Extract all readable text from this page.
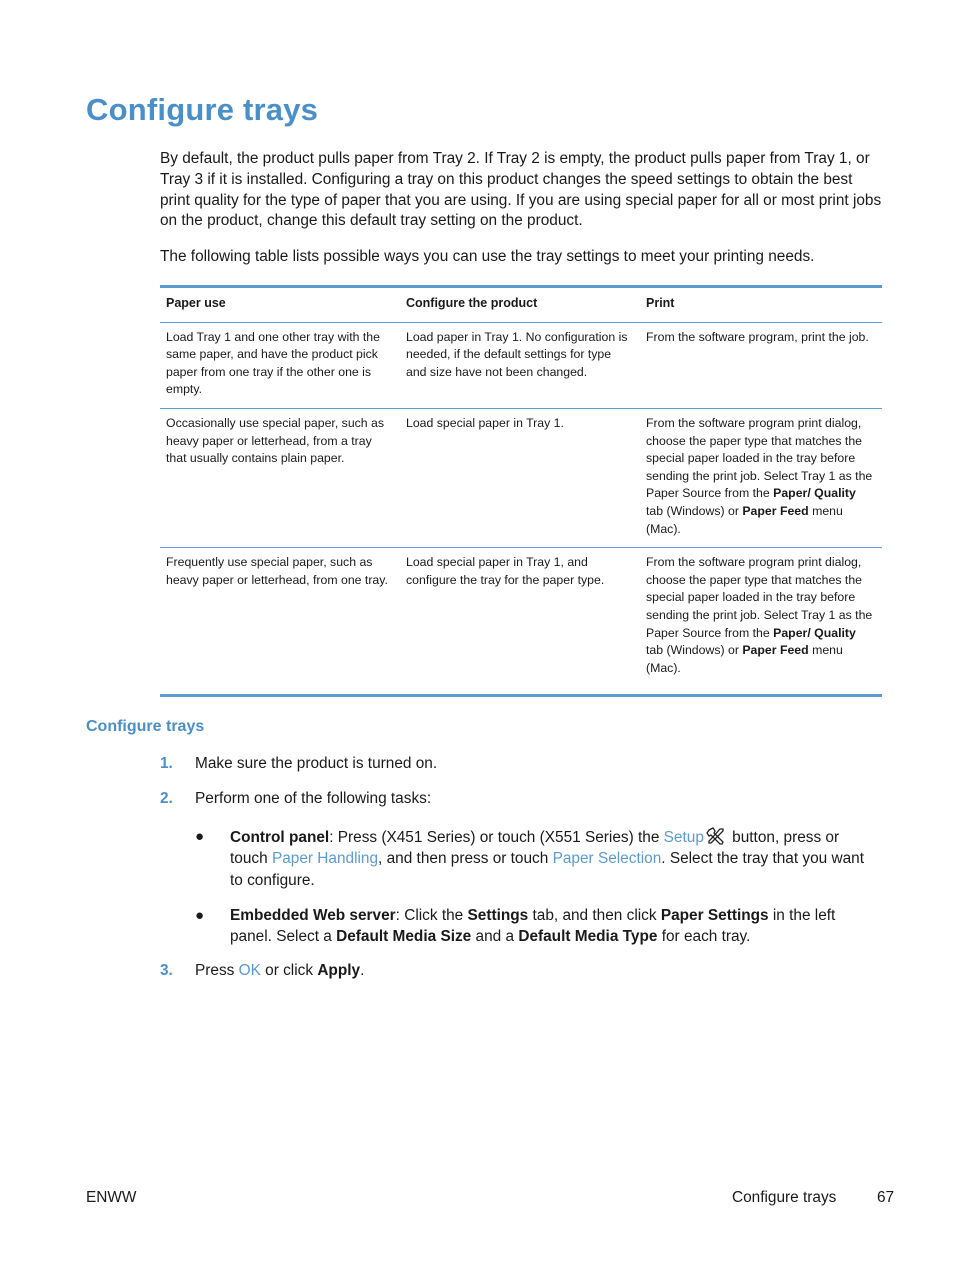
Configure trays

By default, the product pulls paper from Tray 2. If Tray 2 is empty, the product pulls paper from Tray 1, or Tray 3 if it is installed. Configuring a tray on this product changes the speed settings to obtain the best print quality for the type of paper that you are using. If you are using special paper for all or most print jobs on the product, change this default tray setting on the product.

The following table lists possible ways you can use the tray settings to meet your printing needs.

Paper use	Configure the product	Print
Load Tray 1 and one other tray with the same paper, and have the product pick paper from one tray if the other one is empty.	Load paper in Tray 1. No configuration is needed, if the default settings for type and size have not been changed.	From the software program, print the job.
Occasionally use special paper, such as heavy paper or letterhead, from a tray that usually contains plain paper.	Load special paper in Tray 1.	From the software program print dialog, choose the paper type that matches the special paper loaded in the tray before sending the print job. Select Tray 1 as the Paper Source from the Paper/ Quality tab (Windows) or Paper Feed menu (Mac).
Frequently use special paper, such as heavy paper or letterhead, from one tray.	Load special paper in Tray 1, and configure the tray for the paper type.	From the software program print dialog, choose the paper type that matches the special paper loaded in the tray before sending the print job. Select Tray 1 as the Paper Source from the Paper/ Quality tab (Windows) or Paper Feed menu (Mac).
Configure trays
1. Make sure the product is turned on.
2. Perform one of the following tasks:
● Control panel: Press (X451 Series) or touch (X551 Series) the Setup button, press or touch Paper Handling, and then press or touch Paper Selection. Select the tray that you want to configure.
● Embedded Web server: Click the Settings tab, and then click Paper Settings in the left panel. Select a Default Media Size and a Default Media Type for each tray.
3. Press OK or click Apply.
ENWW	Configure trays	67
